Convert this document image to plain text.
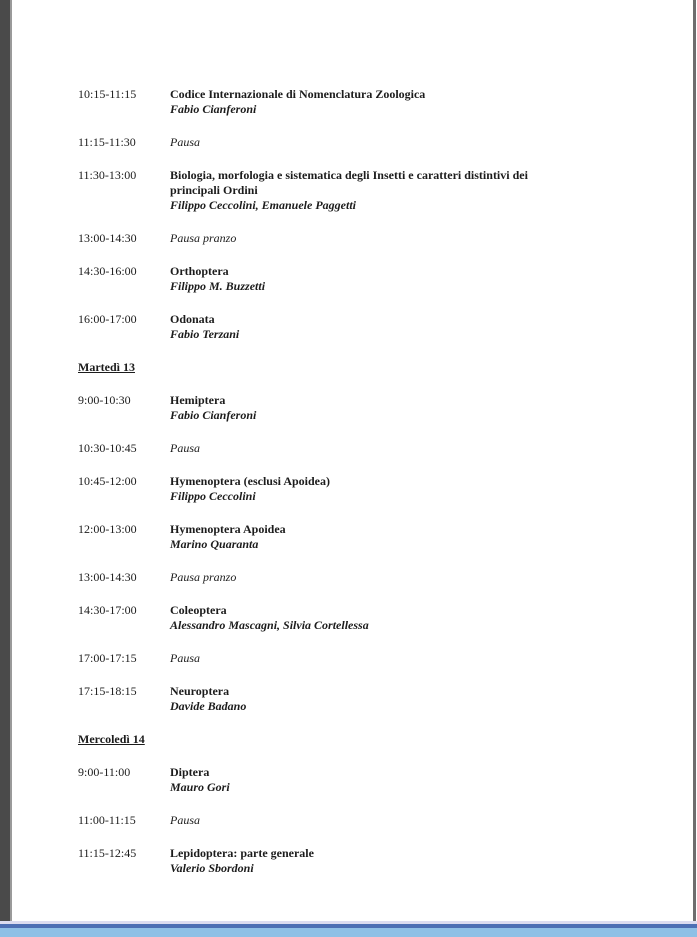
10:15-11:15	Codice Internazionale di Nomenclatura Zoologica
Fabio Cianferoni
11:15-11:30	Pausa
11:30-13:00	Biologia, morfologia e sistematica degli Insetti e caratteri distintivi dei principali Ordini
Filippo Ceccolini, Emanuele Paggetti
13:00-14:30	Pausa pranzo
14:30-16:00	Orthoptera
Filippo M. Buzzetti
16:00-17:00	Odonata
Fabio Terzani
Martedì 13
9:00-10:30	Hemiptera
Fabio Cianferoni
10:30-10:45	Pausa
10:45-12:00	Hymenoptera (esclusi Apoidea)
Filippo Ceccolini
12:00-13:00	Hymenoptera Apoidea
Marino Quaranta
13:00-14:30	Pausa pranzo
14:30-17:00	Coleoptera
Alessandro Mascagni, Silvia Cortellessa
17:00-17:15	Pausa
17:15-18:15	Neuroptera
Davide Badano
Mercoledì 14
9:00-11:00	Diptera
Mauro Gori
11:00-11:15	Pausa
11:15-12:45	Lepidoptera: parte generale
Valerio Sbordoni
